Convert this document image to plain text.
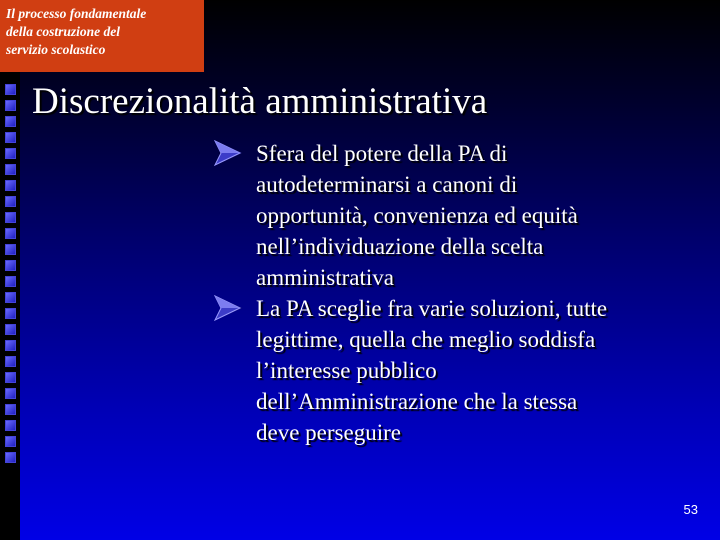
Il processo fondamentale
della costruzione del
servizio scolastico
Discrezionalità amministrativa
Sfera del potere della PA di
autodeterminarsi a canoni di
opportunità, convenienza ed equità
nell’individuazione della scelta
amministrativa
La PA sceglie fra varie soluzioni, tutte
legittime, quella che meglio soddisfa
l’interesse pubblico
dell’Amministrazione che la stessa
deve perseguire
53
